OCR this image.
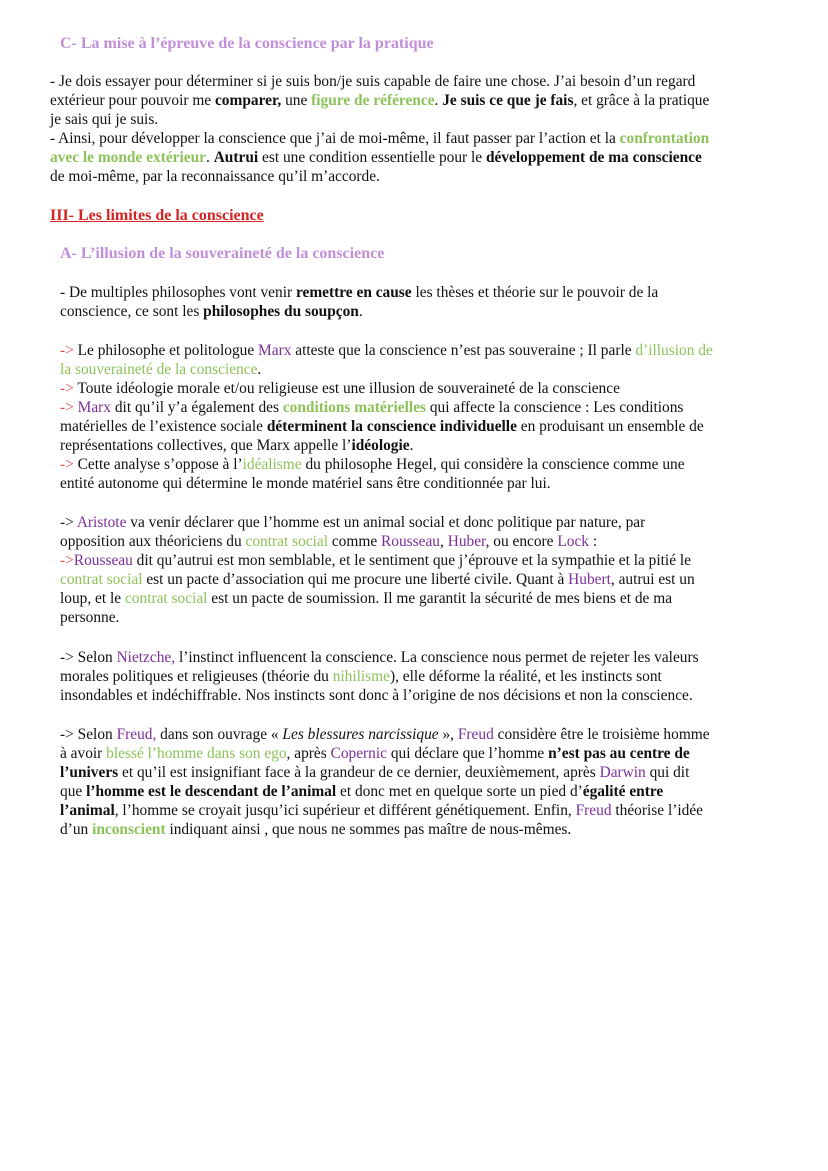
C- La mise à l’épreuve de la conscience par la pratique
- Je dois essayer pour déterminer si je suis bon/je suis capable de faire une chose. J’ai besoin d’un regard
extérieur pour pouvoir me comparer, une figure de référence. Je suis ce que je fais, et grâce à la pratique
je sais qui je suis.
- Ainsi, pour développer la conscience que j’ai de moi-même, il faut passer par l’action et la confrontation
avec le monde extérieur. Autrui est une condition essentielle pour le développement de ma conscience
de moi-même, par la reconnaissance qu’il m’accorde.
III- Les limites de la conscience
A- L’illusion de la souveraineté de la conscience
- De multiples philosophes vont venir remettre en cause les thèses et théorie sur le pouvoir de la
conscience, ce sont les philosophes du soupçon.
-> Le philosophe et politologue Marx atteste que la conscience n’est pas souveraine ; Il parle d’illusion de
la souveraineté de la conscience.
-> Toute idéologie morale et/ou religieuse est une illusion de souveraineté de la conscience
-> Marx dit qu’il y’a également des conditions matérielles qui affecte la conscience : Les conditions
matérielles de l’existence sociale déterminent la conscience individuelle en produisant un ensemble de
représentations collectives, que Marx appelle l’idéologie.
-> Cette analyse s’oppose à l’idéalisme du philosophe Hegel, qui considère la conscience comme une
entité autonome qui détermine le monde matériel sans être conditionnée par lui.
-> Aristote va venir déclarer que l’homme est un animal social et donc politique par nature, par
opposition aux théoriciens du contrat social comme Rousseau, Huber, ou encore Lock :
->Rousseau dit qu’autrui est mon semblable, et le sentiment que j’éprouve et la sympathie et la pitié le
contrat social est un pacte d’association qui me procure une liberté civile. Quant à Hubert, autrui est un
loup, et le contrat social est un pacte de soumission. Il me garantit la sécurité de mes biens et de ma
personne.
-> Selon Nietzche, l’instinct influencent la conscience. La conscience nous permet de rejeter les valeurs
morales politiques et religieuses (théorie du nihilisme), elle déforme la réalité, et les instincts sont
insondables et indéchiffrable. Nos instincts sont donc à l’origine de nos décisions et non la conscience.
-> Selon Freud, dans son ouvrage « Les blessures narcissique », Freud considère être le troisième homme
à avoir blessé l’homme dans son ego, après Copernic qui déclare que l’homme n’est pas au centre de
l’univers et qu’il est insignifiant face à la grandeur de ce dernier, deuxièmement, après Darwin qui dit
que l’homme est le descendant de l’animal et donc met en quelque sorte un pied d’égalité entre
l’animal, l’homme se croyait jusqu’ici supérieur et différent génétiquement. Enfin, Freud théorise l’idée
d’un inconscient indiquant ainsi , que nous ne sommes pas maître de nous-mêmes.
